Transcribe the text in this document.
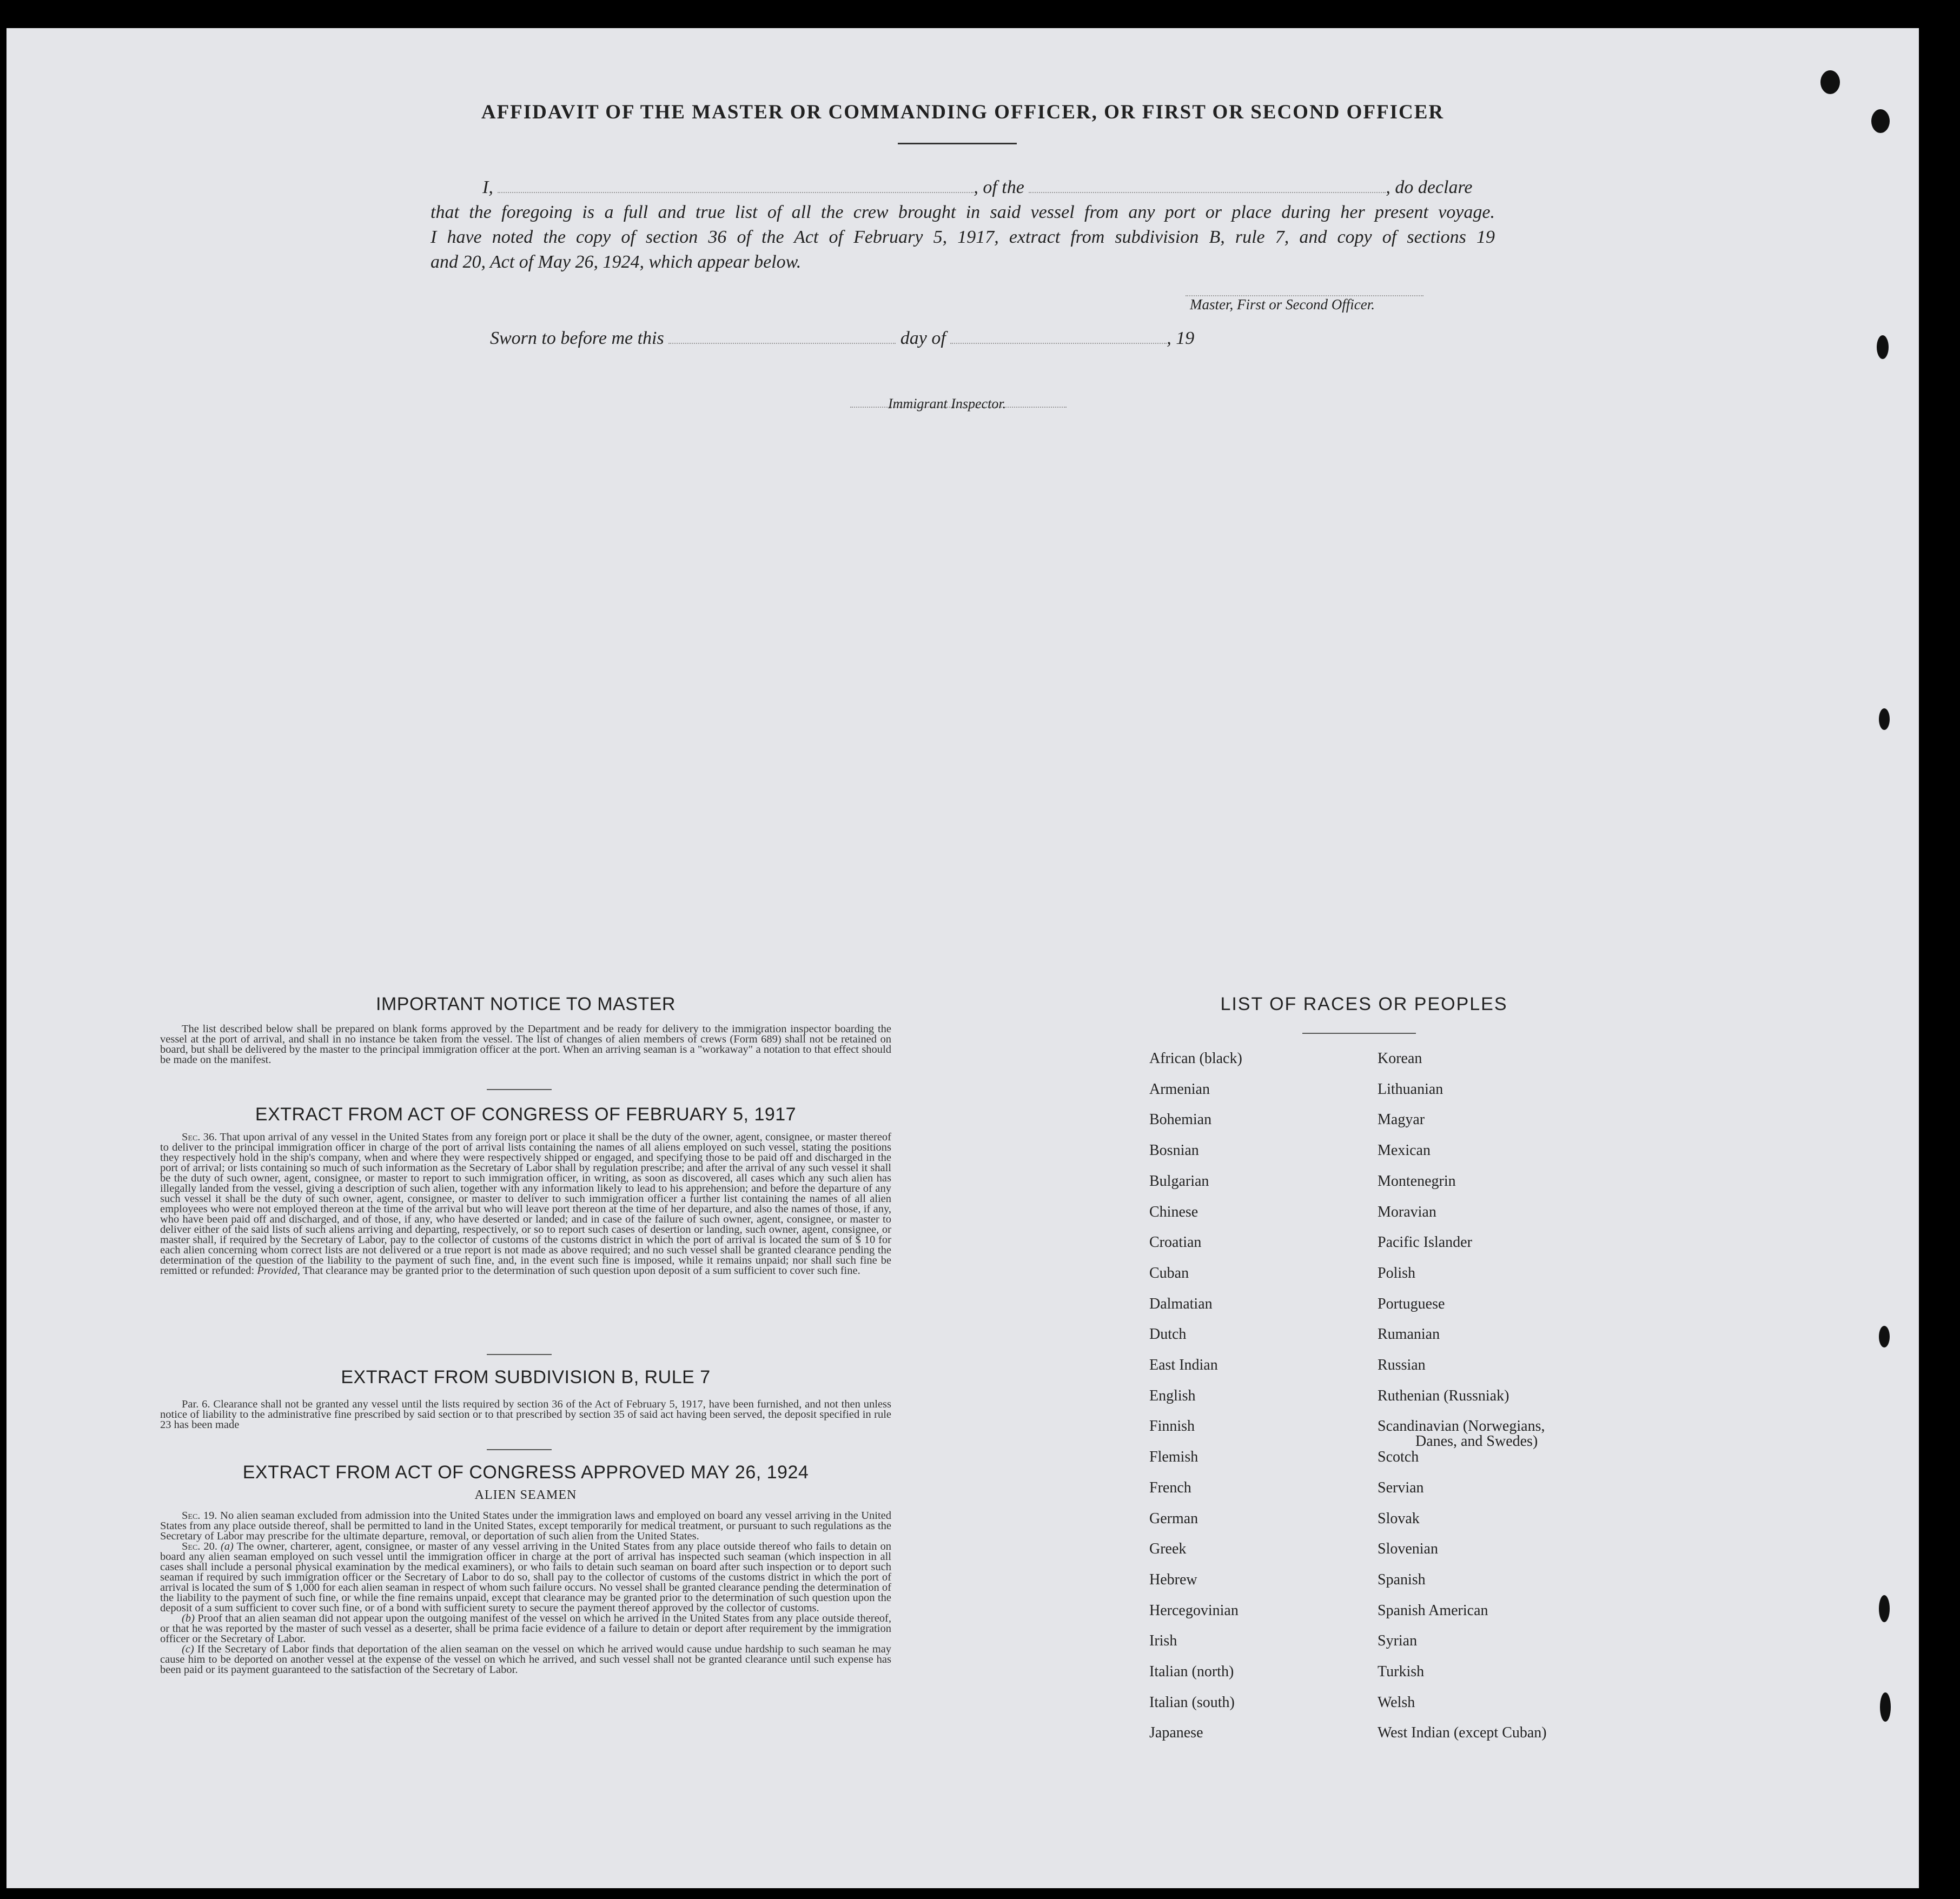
AFFIDAVIT OF THE MASTER OR COMMANDING OFFICER, OR FIRST OR SECOND OFFICER
I,	, of the	, do declare
that the foregoing is a full and true list of all the crew brought in said vessel from any port or place during her present voyage.
I have noted the copy of section 36 of the Act of February 5, 1917, extract from subdivision B, rule 7, and copy of sections 19
and 20, Act of May 26, 1924, which appear below.
Master, First or Second Officer.
Sworn to before me this	day of	, 19
Immigrant Inspector.
IMPORTANT NOTICE TO MASTER

The list described below shall be prepared on blank forms approved by the Department and be ready for delivery to the immigration inspector boarding the vessel at the port of arrival, and shall in no instance be taken from the vessel. The list of changes of alien members of crews (Form 689) shall not be retained on board, but shall be delivered by the master to the principal immigration officer at the port. When an arriving seaman is a "workaway" a notation to that effect should be made on the manifest.

EXTRACT FROM ACT OF CONGRESS OF FEBRUARY 5, 1917

Sec. 36. That upon arrival of any vessel in the United States from any foreign port or place it shall be the duty of the owner, agent, consignee, or master thereof to deliver to the principal immigration officer in charge of the port of arrival lists containing the names of all aliens employed on such vessel, stating the positions they respectively hold in the ship's company, when and where they were respectively shipped or engaged, and specifying those to be paid off and discharged in the port of arrival; or lists containing so much of such information as the Secretary of Labor shall by regulation prescribe; and after the arrival of any such vessel it shall be the duty of such owner, agent, consignee, or master to report to such immigration officer, in writing, as soon as discovered, all cases which any such alien has illegally landed from the vessel, giving a description of such alien, together with any information likely to lead to his apprehension; and before the departure of any such vessel it shall be the duty of such owner, agent, consignee, or master to deliver to such immigration officer a further list containing the names of all alien employees who were not employed thereon at the time of the arrival but who will leave port thereon at the time of her departure, and also the names of those, if any, who have been paid off and discharged, and of those, if any, who have deserted or landed; and in case of the failure of such owner, agent, consignee, or master to deliver either of the said lists of such aliens arriving and departing, respectively, or so to report such cases of desertion or landing, such owner, agent, consignee, or master shall, if required by the Secretary of Labor, pay to the collector of customs of the customs district in which the port of arrival is located the sum of $ 10 for each alien concerning whom correct lists are not delivered or a true report is not made as above required; and no such vessel shall be granted clearance pending the determination of the question of the liability to the payment of such fine, and, in the event such fine is imposed, while it remains unpaid; nor shall such fine be remitted or refunded: Provided, That clearance may be granted prior to the determination of such question upon deposit of a sum sufficient to cover such fine.

EXTRACT FROM SUBDIVISION B, RULE 7

Par. 6. Clearance shall not be granted any vessel until the lists required by section 36 of the Act of February 5, 1917, have been furnished, and not then unless notice of liability to the administrative fine prescribed by said section or to that prescribed by section 35 of said act having been served, the deposit specified in rule 23 has been made

EXTRACT FROM ACT OF CONGRESS APPROVED MAY 26, 1924
ALIEN SEAMEN

Sec. 19. No alien seaman excluded from admission into the United States under the immigration laws and employed on board any vessel arriving in the United States from any place outside thereof, shall be permitted to land in the United States, except temporarily for medical treatment, or pursuant to such regulations as the Secretary of Labor may prescribe for the ultimate departure, removal, or deportation of such alien from the United States.

Sec. 20. (a) The owner, charterer, agent, consignee, or master of any vessel arriving in the United States from any place outside thereof who fails to detain on board any alien seaman employed on such vessel until the immigration officer in charge at the port of arrival has inspected such seaman (which inspection in all cases shall include a personal physical examination by the medical examiners), or who fails to detain such seaman on board after such inspection or to deport such seaman if required by such immigration officer or the Secretary of Labor to do so, shall pay to the collector of customs of the customs district in which the port of arrival is located the sum of $ 1,000 for each alien seaman in respect of whom such failure occurs. No vessel shall be granted clearance pending the determination of the liability to the payment of such fine, or while the fine remains unpaid, except that clearance may be granted prior to the determination of such question upon the deposit of a sum sufficient to cover such fine, or of a bond with sufficient surety to secure the payment thereof approved by the collector of customs.

(b) Proof that an alien seaman did not appear upon the outgoing manifest of the vessel on which he arrived in the United States from any place outside thereof, or that he was reported by the master of such vessel as a deserter, shall be prima facie evidence of a failure to detain or deport after requirement by the immigration officer or the Secretary of Labor.

(c) If the Secretary of Labor finds that deportation of the alien seaman on the vessel on which he arrived would cause undue hardship to such seaman he may cause him to be deported on another vessel at the expense of the vessel on which he arrived, and such vessel shall not be granted clearance until such expense has been paid or its payment guaranteed to the satisfaction of the Secretary of Labor.

LIST OF RACES OR PEOPLES
African (black)
Armenian
Bohemian
Bosnian
Bulgarian
Chinese
Croatian
Cuban
Dalmatian
Dutch
East Indian
English
Finnish
Flemish
French
German
Greek
Hebrew
Hercegovinian
Irish
Italian (north)
Italian (south)
Japanese
Korean
Lithuanian
Magyar
Mexican
Montenegrin
Moravian
Pacific Islander
Polish
Portuguese
Rumanian
Russian
Ruthenian (Russniak)
Scandinavian (Norwegians,
Danes, and Swedes)
Scotch
Servian
Slovak
Slovenian
Spanish
Spanish American
Syrian
Turkish
Welsh
West Indian (except Cuban)
